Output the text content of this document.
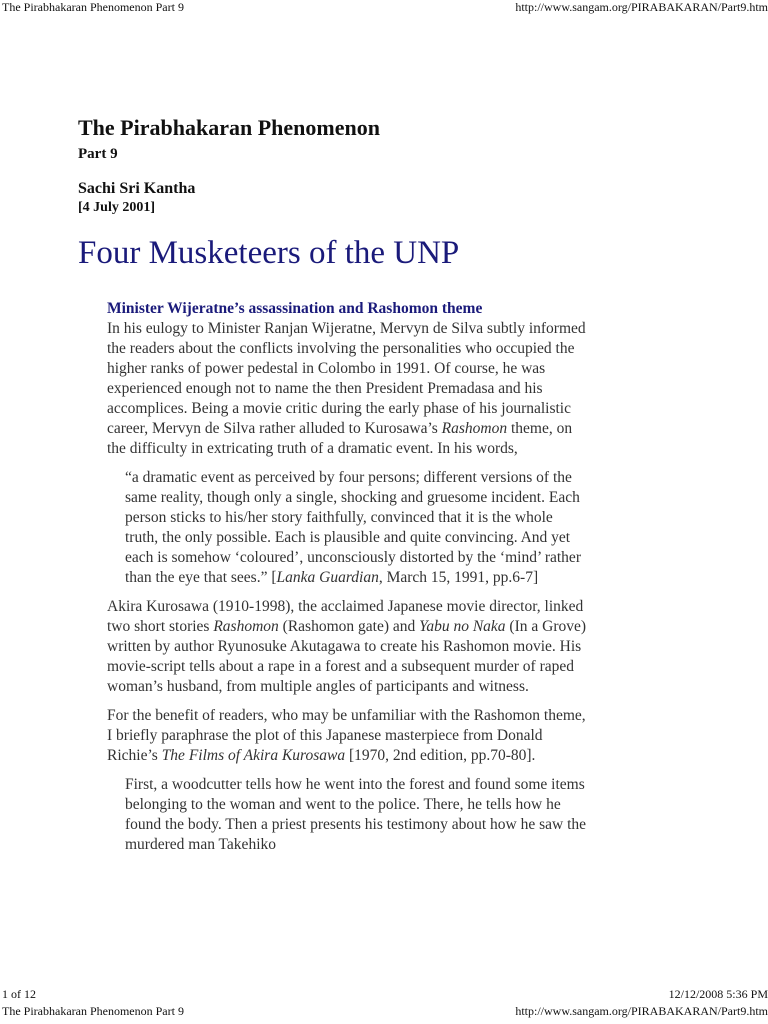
The Pirabhakaran Phenomenon Part 9	http://www.sangam.org/PIRABAKARAN/Part9.htm
The Pirabhakaran Phenomenon
Part 9
Sachi Sri Kantha
[4 July 2001]
Four Musketeers of the UNP
Minister Wijeratne’s assassination and Rashomon theme

In his eulogy to Minister Ranjan Wijeratne, Mervyn de Silva subtly informed the readers about the conflicts involving the personalities who occupied the higher ranks of power pedestal in Colombo in 1991. Of course, he was experienced enough not to name the then President Premadasa and his accomplices. Being a movie critic during the early phase of his journalistic career, Mervyn de Silva rather alluded to Kurosawa’s Rashomon theme, on the difficulty in extricating truth of a dramatic event. In his words,

“a dramatic event as perceived by four persons; different versions of the same reality, though only a single, shocking and gruesome incident. Each person sticks to his/her story faithfully, convinced that it is the whole truth, the only possible. Each is plausible and quite convincing. And yet each is somehow ‘coloured’, unconsciously distorted by the ‘mind’ rather than the eye that sees.” [Lanka Guardian, March 15, 1991, pp.6-7]

Akira Kurosawa (1910-1998), the acclaimed Japanese movie director, linked two short stories Rashomon (Rashomon gate) and Yabu no Naka (In a Grove) written by author Ryunosuke Akutagawa to create his Rashomon movie. His movie-script tells about a rape in a forest and a subsequent murder of raped woman’s husband, from multiple angles of participants and witness.

For the benefit of readers, who may be unfamiliar with the Rashomon theme, I briefly paraphrase the plot of this Japanese masterpiece from Donald Richie’s The Films of Akira Kurosawa [1970, 2nd edition, pp.70-80].

First, a woodcutter tells how he went into the forest and found some items belonging to the woman and went to the police. There, he tells how he found the body. Then a priest presents his testimony about how he saw the murdered man Takehiko

1 of 12	12/12/2008 5:36 PM
The Pirabhakaran Phenomenon Part 9	http://www.sangam.org/PIRABAKARAN/Part9.htm
